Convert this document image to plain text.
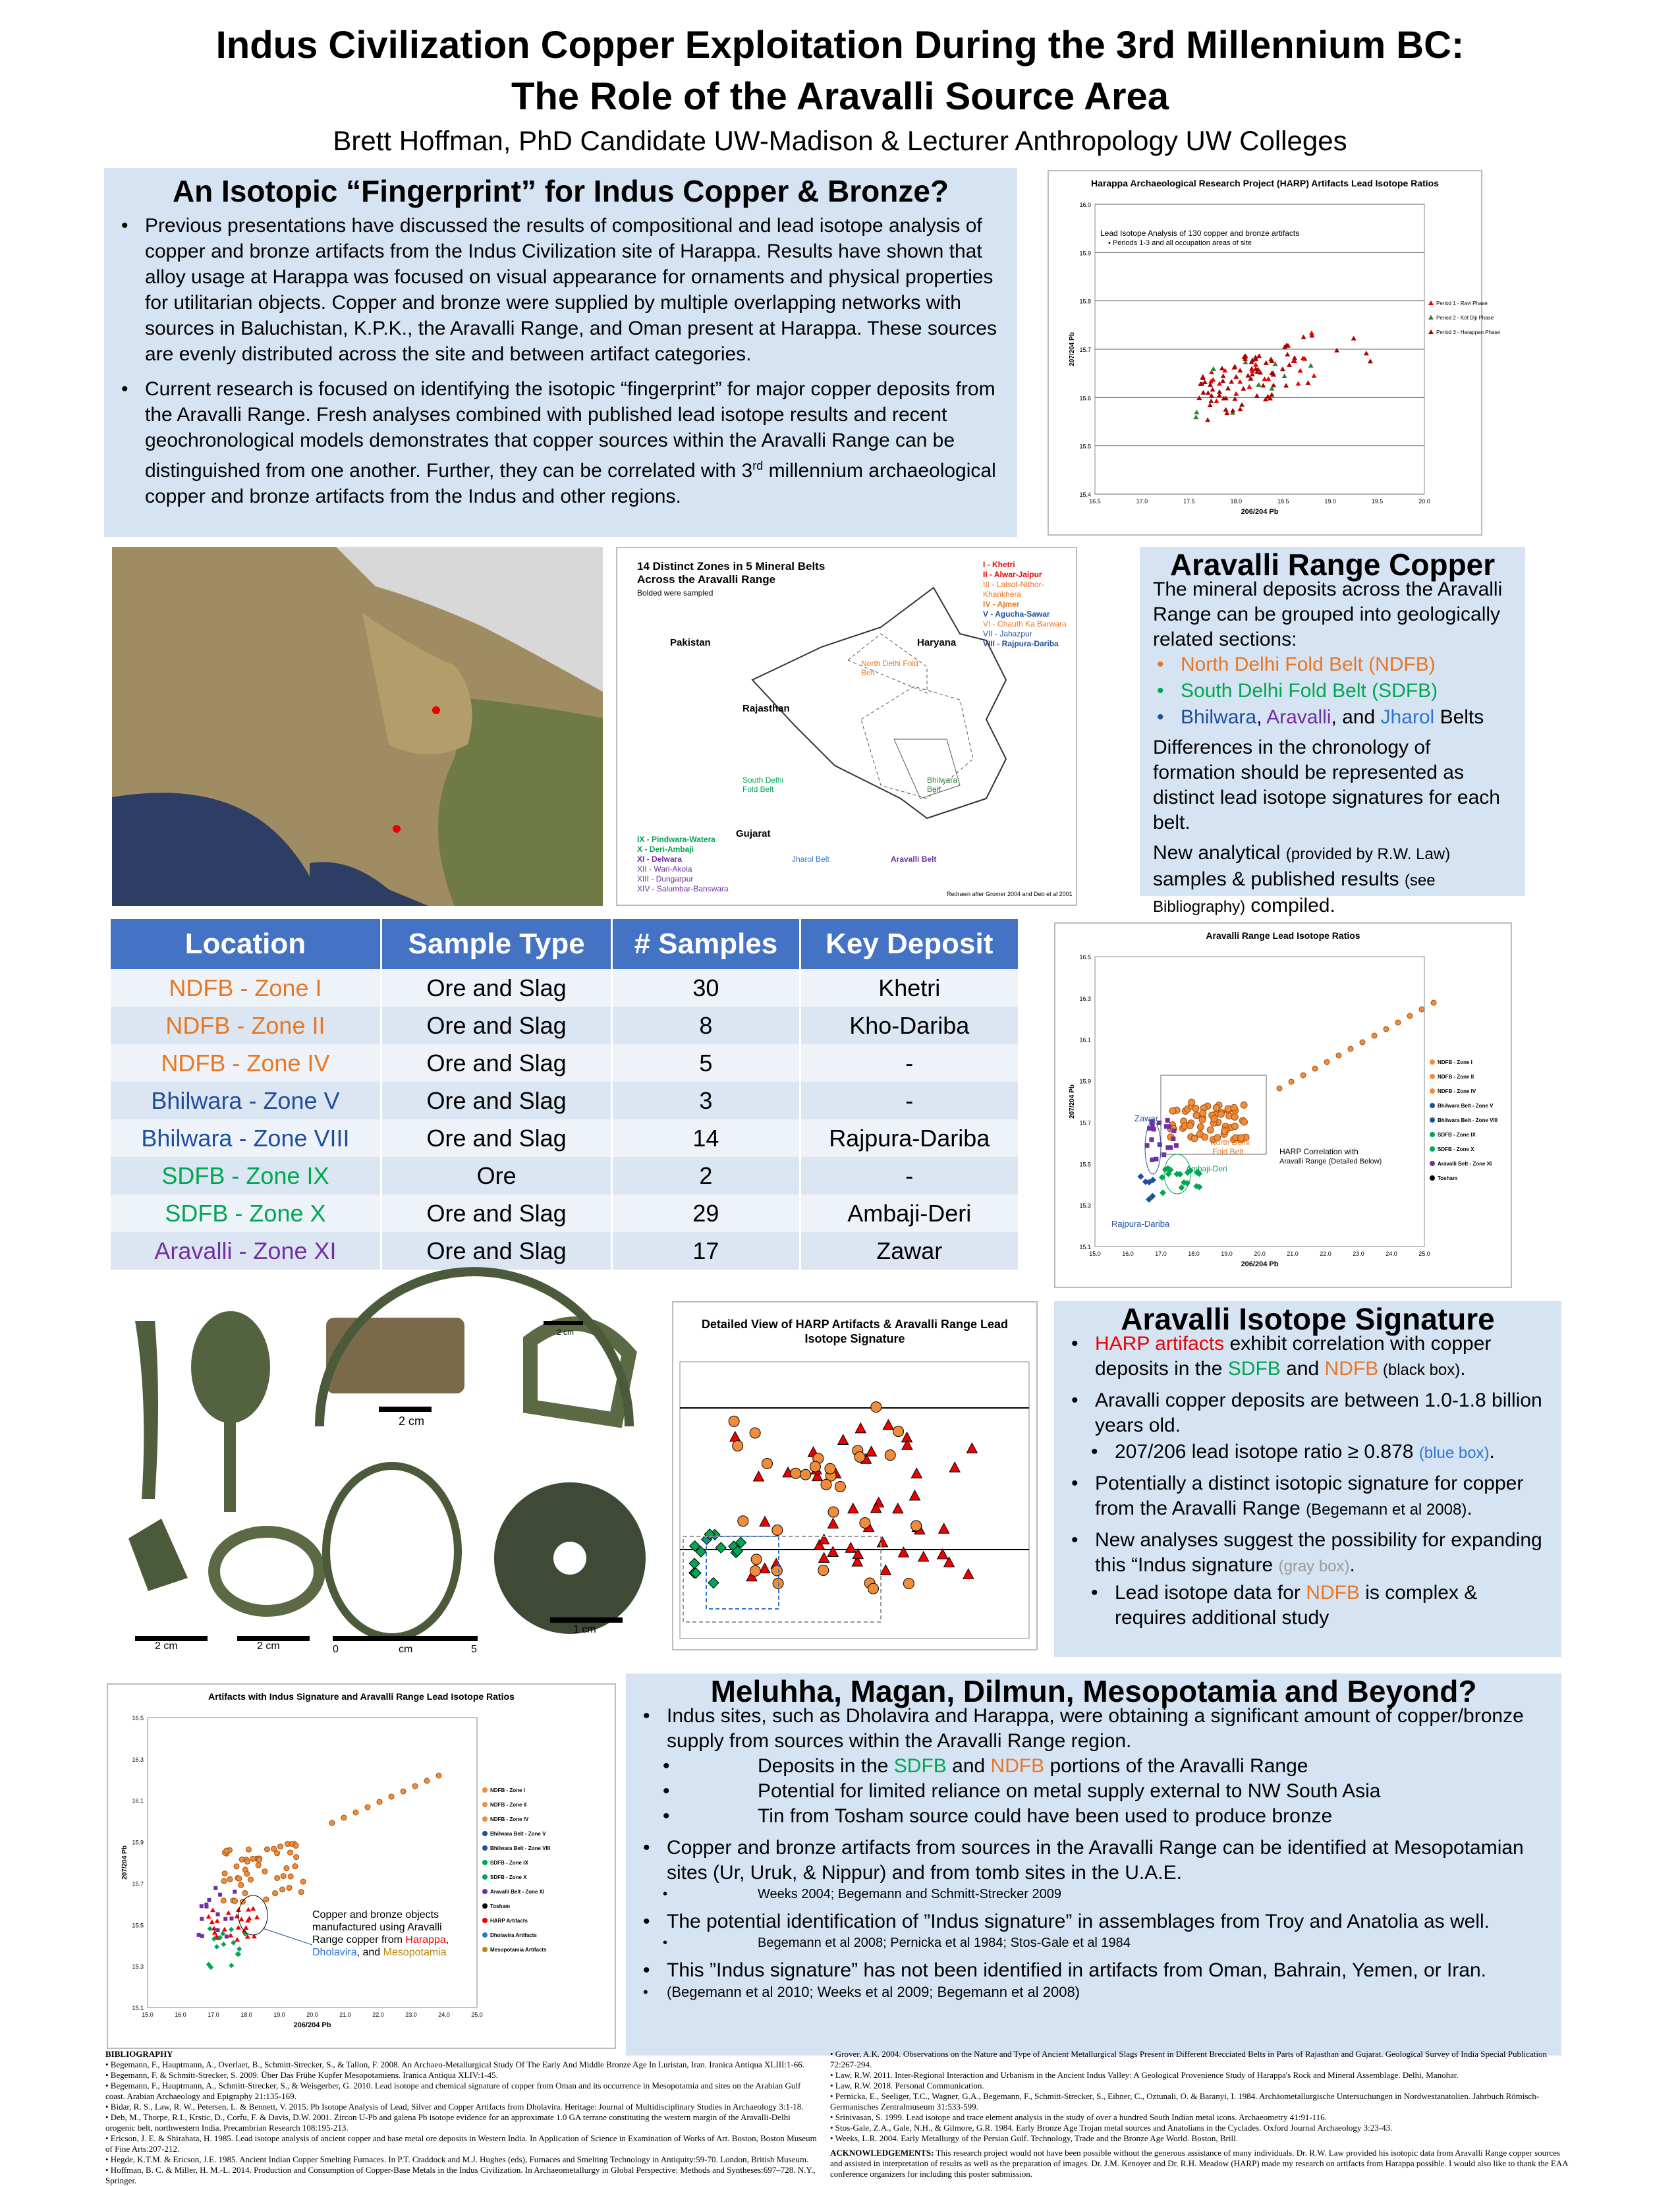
Indus Civilization Copper Exploitation During the 3rd Millennium BC:
The Role of the Aravalli Source Area
Brett Hoffman, PhD Candidate UW-Madison & Lecturer Anthropology UW Colleges
An Isotopic “Fingerprint” for Indus Copper & Bronze?
• Previous presentations have discussed the results of compositional and lead isotope analysis of copper and bronze artifacts from the Indus Civilization site of Harappa. Results have shown that alloy usage at Harappa was focused on visual appearance for ornaments and physical properties for utilitarian objects. Copper and bronze were supplied by multiple overlapping networks with sources in Baluchistan, K.P.K., the Aravalli Range, and Oman present at Harappa. These sources are evenly distributed across the site and between artifact categories.
• Current research is focused on identifying the isotopic “fingerprint” for major copper deposits from the Aravalli Range. Fresh analyses combined with published lead isotope results and recent geochronological models demonstrates that copper sources within the Aravalli Range can be distinguished from one another. Further, they can be correlated with 3rd millennium archaeological copper and bronze artifacts from the Indus and other regions.
Harappa Archaeological Research Project (HARP) Artifacts Lead Isotope Ratios
16.0
15.9
15.8
15.7
15.6
15.5
15.4
16.5	17.0	17.5	18.0	18.5	19.0	19.5	20.0
207/204 Pb
206/204 Pb
Lead Isotope Analysis of 130 copper and bronze artifacts
• Periods 1-3 and all occupation areas of site
Period 1 - Ravi Phase
Period 2 - Kot Diji Phase
Period 3 - Harappan Phase
14 Distinct Zones in 5 Mineral Belts
Across the Aravalli Range
Bolded were sampled
I - Khetri
II - Alwar-Jaipur
III - Lalsot-Nithor-Khankhera
IV - Ajmer
V - Agucha-Sawar
VI - Chauth Ka Barwara
VII - Jahazpur
VIII - Rajpura-Dariba
IX - Pindwara-Watera
X - Deri-Ambaji
XI - Delwara
XII - Wari-Akola
XIII - Dungarpur
XIV - Salumbar-Banswara
Pakistan	Haryana
Rajasthan
North Delhi Fold Belt
South Delhi Fold Belt
Bhilwara Belt
Gujarat
Jharol Belt	Aravalli Belt
Redrawn after Gromer 2004 and Deb et al 2001
Aravalli Range Copper
The mineral deposits across the Aravalli Range can be grouped into geologically related sections:
• North Delhi Fold Belt (NDFB)
• South Delhi Fold Belt (SDFB)
• Bhilwara, Aravalli, and Jharol Belts
Differences in the chronology of formation should be represented as distinct lead isotope signatures for each belt.
New analytical (provided by R.W. Law) samples & published results (see Bibliography) compiled.
Location	Sample Type	# Samples	Key Deposit
NDFB - Zone I	Ore and Slag	30	Khetri
NDFB - Zone II	Ore and Slag	8	Kho-Dariba
NDFB - Zone IV	Ore and Slag	5	-
Bhilwara - Zone V	Ore and Slag	3	-
Bhilwara - Zone VIII	Ore and Slag	14	Rajpura-Dariba
SDFB - Zone IX	Ore	2	-
SDFB - Zone X	Ore and Slag	29	Ambaji-Deri
Aravalli - Zone XI	Ore and Slag	17	Zawar
Aravalli Range Lead Isotope Ratios
16.5
16.3
16.1
15.9
15.7
15.5
15.3
15.1
15.0	16.0	17.0	18.0	19.0	20.0	21.0	22.0	23.0	24.0	25.0
207/204 Pb
206/204 Pb
Zawar
North Delhi
Fold Belt
Ambaji-Deri
HARP Correlation with
Aravalli Range (Detailed Below)
Rajpura-Dariba
NDFB - Zone I
NDFB - Zone II
NDFB - Zone IV
Bhilwara Belt - Zone V
Bhilwara Belt - Zone VIII
SDFB - Zone IX
SDFB - Zone X
Aravalli Belt - Zone XI
Tosham
2 cm
2 cm
2 cm	2 cm	0	cm	5
1 cm
Detailed View of HARP Artifacts & Aravalli Range Lead Isotope Signature
Aravalli Isotope Signature
• HARP artifacts exhibit correlation with copper deposits in the SDFB and NDFB (black box).
• Aravalli copper deposits are between 1.0-1.8 billion years old.
• 207/206 lead isotope ratio ≥ 0.878 (blue box).
• Potentially a distinct isotopic signature for copper from the Aravalli Range (Begemann et al 2008).
• New analyses suggest the possibility for expanding this “Indus signature (gray box).
• Lead isotope data for NDFB is complex & requires additional study
Artifacts with Indus Signature and Aravalli Range Lead Isotope Ratios
16.5
16.3
16.1
15.9
15.7
15.5
15.3
15.1
15.0	16.0	17.0	18.0	19.0	20.0	21.0	22.0	23.0	24.0	25.0
207/204 Pb
206/204 Pb
NDFB - Zone I
NDFB - Zone II
NDFB - Zone IV
Bhilwara Belt - Zone V
Bhilwara Belt - Zone VIII
SDFB - Zone IX
SDFB - Zone X
Aravalli Belt - Zone XI
Tosham
HARP Artifacts
Dholavira Artifacts
Mesopotamia Artifacts
Copper and bronze objects
manufactured using Aravalli
Range copper from Harappa,
Dholavira, and Mesopotamia
Meluhha, Magan, Dilmun, Mesopotamia and Beyond?
• Indus sites, such as Dholavira and Harappa, were obtaining a significant amount of copper/bronze supply from sources within the Aravalli Range region.
• Deposits in the SDFB and NDFB portions of the Aravalli Range
• Potential for limited reliance on metal supply external to NW South Asia
• Tin from Tosham source could have been used to produce bronze
• Copper and bronze artifacts from sources in the Aravalli Range can be identified at Mesopotamian sites (Ur, Uruk, & Nippur) and from tomb sites in the U.A.E.
• Weeks 2004; Begemann and Schmitt-Strecker 2009
• The potential identification of ”Indus signature” in assemblages from Troy and Anatolia as well.
• Begemann et al 2008; Pernicka et al 1984; Stos-Gale et al 1984
• This ”Indus signature” has not been identified in artifacts from Oman, Bahrain, Yemen, or Iran.
• (Begemann et al 2010; Weeks et al 2009; Begemann et al 2008)
BIBLIOGRAPHY
• Begemann, F., Hauptmann, A., Overlaet, B., Schmitt-Strecker, S., & Tallon, F. 2008. An Archaeo-Metallurgical Study Of The Early And Middle Bronze Age In Luristan, Iran. Iranica Antiqua XLIII:1-66.
• Begemann, F. & Schmitt-Strecker, S. 2009. Über Das Frühe Kupfer Mesopotamiens. Iranica Antiqua XLIV:1-45.
• Begemann, F., Hauptmann, A., Schmitt-Strecker, S., & Weisgerber, G. 2010. Lead isotope and chemical signature of copper from Oman and its occurrence in Mesopotamia and sites on the Arabian Gulf coast. Arabian Archaeology and Epigraphy 21:135-169.
• Bidar, R. S., Law, R. W., Petersen, L. & Bennett, V. 2015. Pb Isotope Analysis of Lead, Silver and Copper Artifacts from Dholavira. Heritage: Journal of Multidisciplinary Studies in Archaeology 3:1-18.
• Deb, M., Thorpe, R.I., Krstic, D., Corfu, F. & Davis, D.W. 2001. Zircon U-Pb and galena Pb isotope evidence for an approximate 1.0 GA terrane constituting the western margin of the Aravalli-Delhi orogenic belt, northwestern India. Precambrian Research 108:195-213.
• Ericson, J. E. & Shirahata, H. 1985. Lead isotope analysis of ancient copper and base metal ore deposits in Western India. In Application of Science in Examination of Works of Art. Boston, Boston Museum of Fine Arts:207-212.
• Hegde, K.T.M. & Ericson, J.E. 1985. Ancient Indian Copper Smelting Furnaces. In P.T. Craddock and M.J. Hughes (eds), Furnaces and Smelting Technology in Antiquity:59-70. London, British Museum.
• Hoffman, B. C. & Miller, H. M.-L. 2014. Production and Consumption of Copper-Base Metals in the Indus Civilization. In Archaeometallurgy in Global Perspective: Methods and Syntheses:697–728. N.Y., Springer.
• Grover, A.K. 2004. Observations on the Nature and Type of Ancient Metallurgical Slags Present in Different Brecciated Belts in Parts of Rajasthan and Gujarat. Geological Survey of India Special Publication 72:267-294.
• Law, R.W. 2011. Inter-Regional Interaction and Urbanism in the Ancient Indus Valley: A Geological Provenience Study of Harappa's Rock and Mineral Assemblage. Delhi, Manohar.
• Law, R.W. 2018. Personal Communication.
• Pernicka, E., Seeliger, T.C., Wagner, G.A., Begemann, F., Schmitt-Strecker, S., Eibner, C., Oztunali, O. & Baranyi, I. 1984. Archäometallurgische Untersuchungen in Nordwestanatolien. Jahrbuch Römisch-Germanisches Zentralmuseum 31:533-599.
• Srinivasan, S. 1999. Lead isotope and trace element analysis in the study of over a hundred South Indian metal icons. Archaeometry 41:91-116.
• Stos-Gale, Z.A., Gale, N.H., & Gilmore, G.R. 1984. Early Bronze Age Trojan metal sources and Anatolians in the Cyclades. Oxford Journal Archaeology 3:23-43.
• Weeks, L.R. 2004. Early Metallurgy of the Persian Gulf. Technology, Trade and the Bronze Age World. Boston, Brill.
ACKNOWLEDGEMENTS: This research project would not have been possible without the generous assistance of many individuals. Dr. R.W. Law provided his isotopic data from Aravalli Range copper sources and assisted in interpretation of results as well as the preparation of images. Dr. J.M. Kenoyer and Dr. R.H. Meadow (HARP) made my research on artifacts from Harappa possible. I would also like to thank the EAA conference organizers for including this poster submission.
